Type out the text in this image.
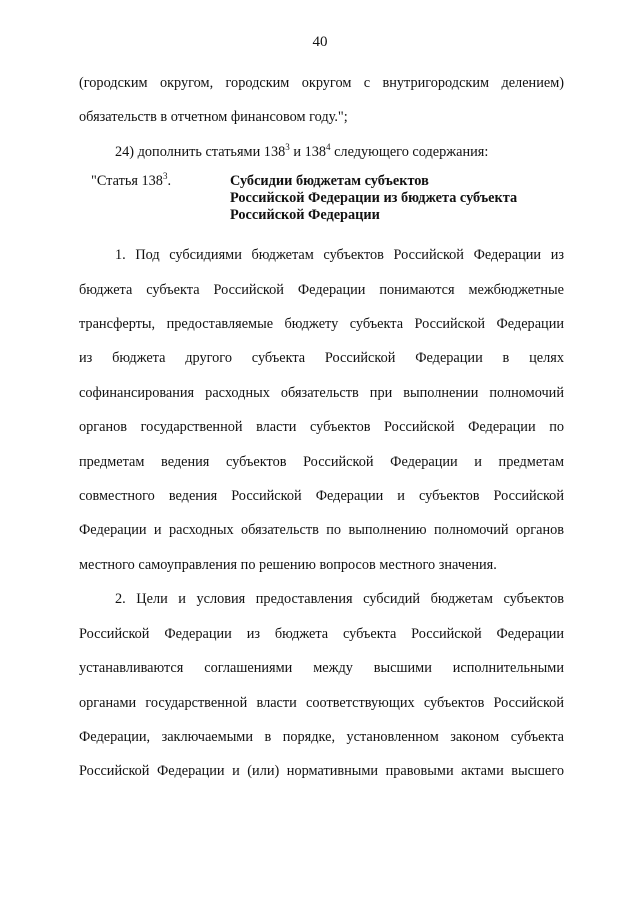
40

(городским округом, городским округом с внутригородским делением)

обязательств в отчетном финансовом году.";

24) дополнить статьями $138^3$ и $138^4$ следующего содержания:

"Статья $138^3$.	Субсидии бюджетам субъектов
Российской Федерации из бюджета субъекта
Российской Федерации
1. Под субсидиями бюджетам субъектов Российской Федерации из
бюджета субъекта Российской Федерации понимаются межбюджетные
трансферты, предоставляемые бюджету субъекта Российской Федерации
из бюджета другого субъекта Российской Федерации в целях
софинансирования расходных обязательств при выполнении полномочий
органов государственной власти субъектов Российской Федерации по
предметам ведения субъектов Российской Федерации и предметам
совместного ведения Российской Федерации и субъектов Российской
Федерации и расходных обязательств по выполнению полномочий органов
местного самоуправления по решению вопросов местного значения.
2. Цели и условия предоставления субсидий бюджетам субъектов
Российской Федерации из бюджета субъекта Российской Федерации
устанавливаются соглашениями между высшими исполнительными
органами государственной власти соответствующих субъектов Российской
Федерации, заключаемыми в порядке, установленном законом субъекта
Российской Федерации и (или) нормативными правовыми актами высшего
